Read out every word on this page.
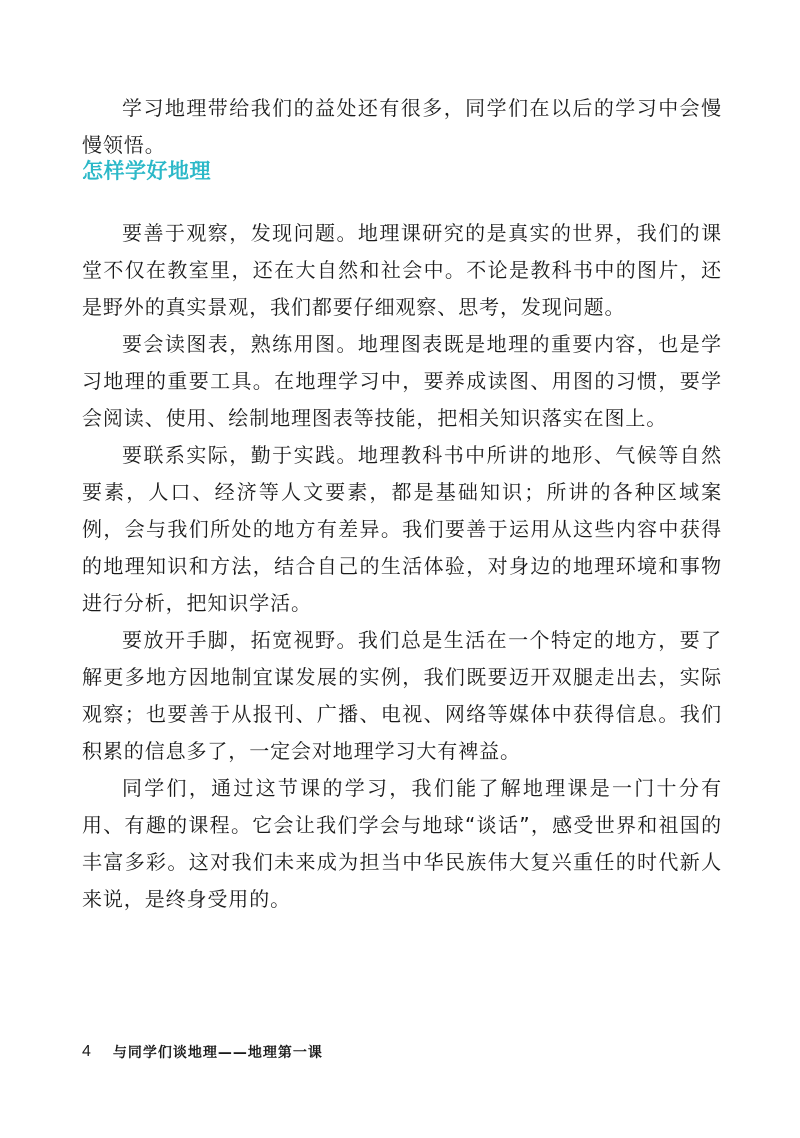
学习地理带给我们的益处还有很多，同学们在以后的学习中会慢慢领悟。

怎样学好地理

要善于观察，发现问题。地理课研究的是真实的世界，我们的课堂不仅在教室里，还在大自然和社会中。不论是教科书中的图片，还是野外的真实景观，我们都要仔细观察、思考，发现问题。

要会读图表，熟练用图。地理图表既是地理的重要内容，也是学习地理的重要工具。在地理学习中，要养成读图、用图的习惯，要学会阅读、使用、绘制地理图表等技能，把相关知识落实在图上。

要联系实际，勤于实践。地理教科书中所讲的地形、气候等自然要素，人口、经济等人文要素，都是基础知识；所讲的各种区域案例，会与我们所处的地方有差异。我们要善于运用从这些内容中获得的地理知识和方法，结合自己的生活体验，对身边的地理环境和事物进行分析，把知识学活。

要放开手脚，拓宽视野。我们总是生活在一个特定的地方，要了解更多地方因地制宜谋发展的实例，我们既要迈开双腿走出去，实际观察；也要善于从报刊、广播、电视、网络等媒体中获得信息。我们积累的信息多了，一定会对地理学习大有裨益。

同学们，通过这节课的学习，我们能了解地理课是一门十分有用、有趣的课程。它会让我们学会与地球“谈话”，感受世界和祖国的丰富多彩。这对我们未来成为担当中华民族伟大复兴重任的时代新人来说，是终身受用的。

4 与同学们谈地理——地理第一课
